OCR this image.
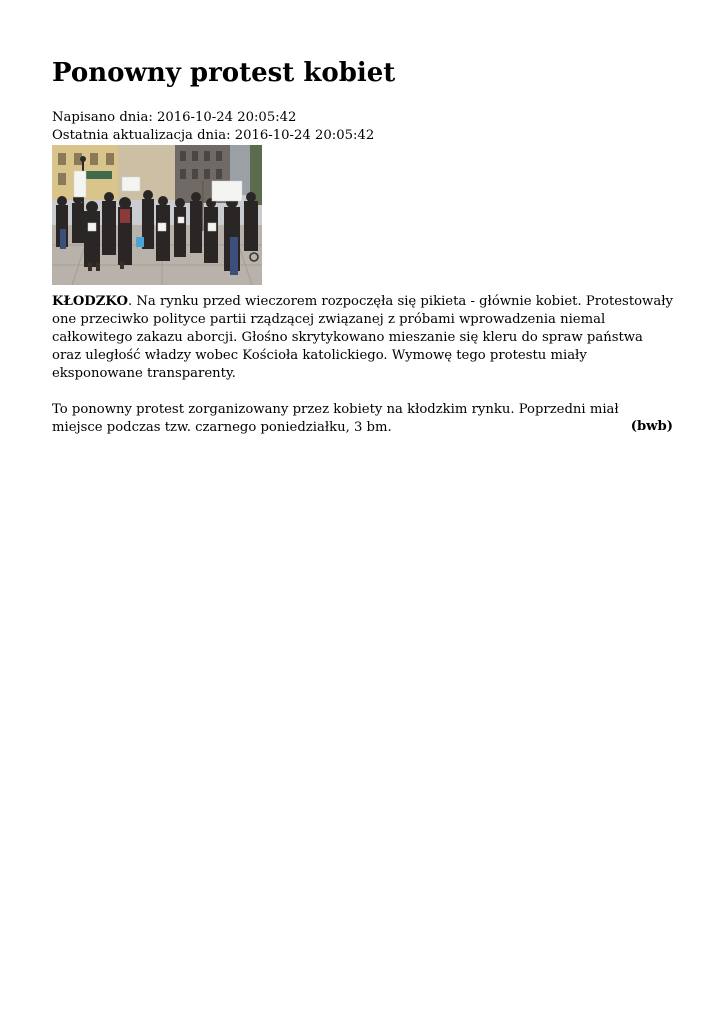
Ponowny protest kobiet
Napisano dnia: 2016-10-24 20:05:42
Ostatnia aktualizacja dnia: 2016-10-24 20:05:42

KŁODZKO. Na rynku przed wieczorem rozpoczęła się pikieta - głównie kobiet. Protestowały one przeciwko polityce partii rządzącej związanej z próbami wprowadzenia niemal całkowitego zakazu aborcji. Głośno skrytykowano mieszanie się kleru do spraw państwa oraz uległość władzy wobec Kościoła katolickiego. Wymowę tego protestu miały eksponowane transparenty.

To ponowny protest zorganizowany przez kobiety na kłodzkim rynku. Poprzedni miał miejsce podczas tzw. czarnego poniedziałku, 3 bm.	(bwb)
